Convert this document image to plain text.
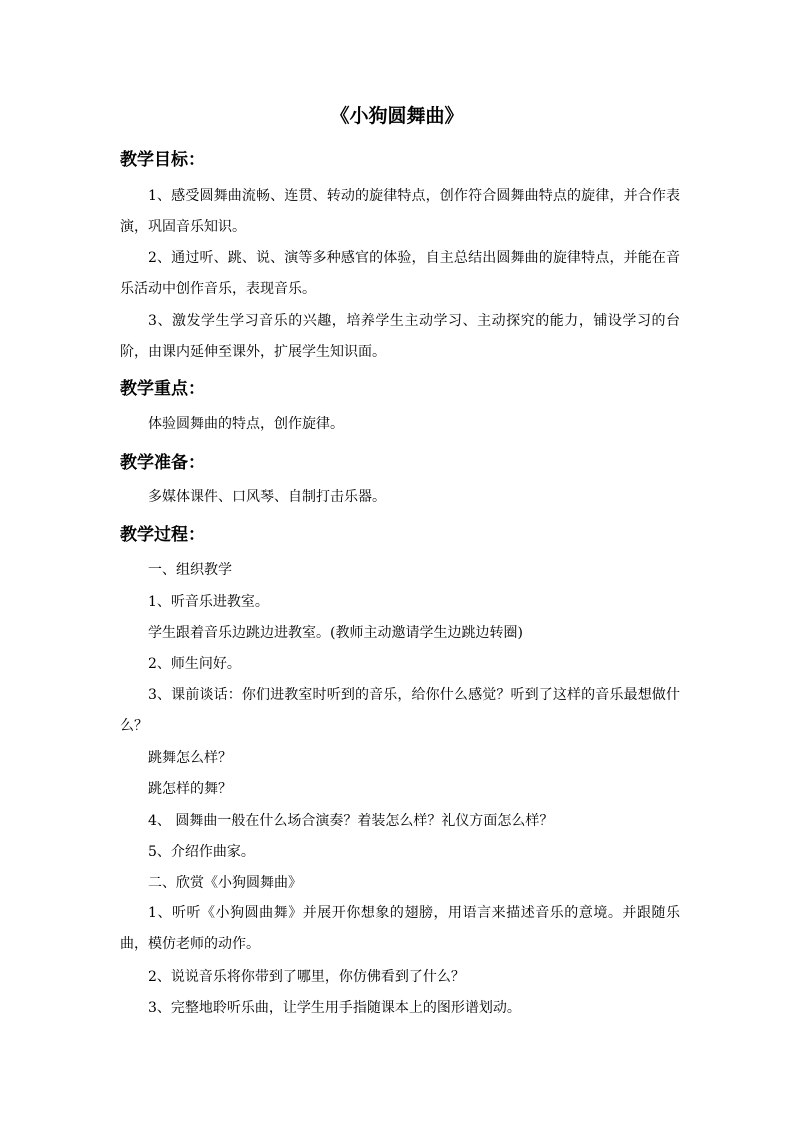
《小狗圆舞曲》
教学目标：
1、感受圆舞曲流畅、连贯、转动的旋律特点，创作符合圆舞曲特点的旋律，并合作表演，巩固音乐知识。
2、通过听、跳、说、演等多种感官的体验，自主总结出圆舞曲的旋律特点，并能在音乐活动中创作音乐，表现音乐。
3、激发学生学习音乐的兴趣，培养学生主动学习、主动探究的能力，铺设学习的台阶，由课内延伸至课外，扩展学生知识面。
教学重点：
体验圆舞曲的特点，创作旋律。
教学准备：
多媒体课件、口风琴、自制打击乐器。
教学过程：
一、组织教学
1、听音乐进教室。
学生跟着音乐边跳边进教室。(教师主动邀请学生边跳边转圈)
2、师生问好。
3、课前谈话：你们进教室时听到的音乐，给你什么感觉？听到了这样的音乐最想做什么？
跳舞怎么样？
跳怎样的舞？
4、 圆舞曲一般在什么场合演奏？着装怎么样？礼仪方面怎么样？
5、介绍作曲家。
二、欣赏《小狗圆舞曲》
1、听听《小狗圆曲舞》并展开你想象的翅膀，用语言来描述音乐的意境。并跟随乐曲，模仿老师的动作。
2、说说音乐将你带到了哪里，你仿佛看到了什么？
3、完整地聆听乐曲，让学生用手指随课本上的图形谱划动。
